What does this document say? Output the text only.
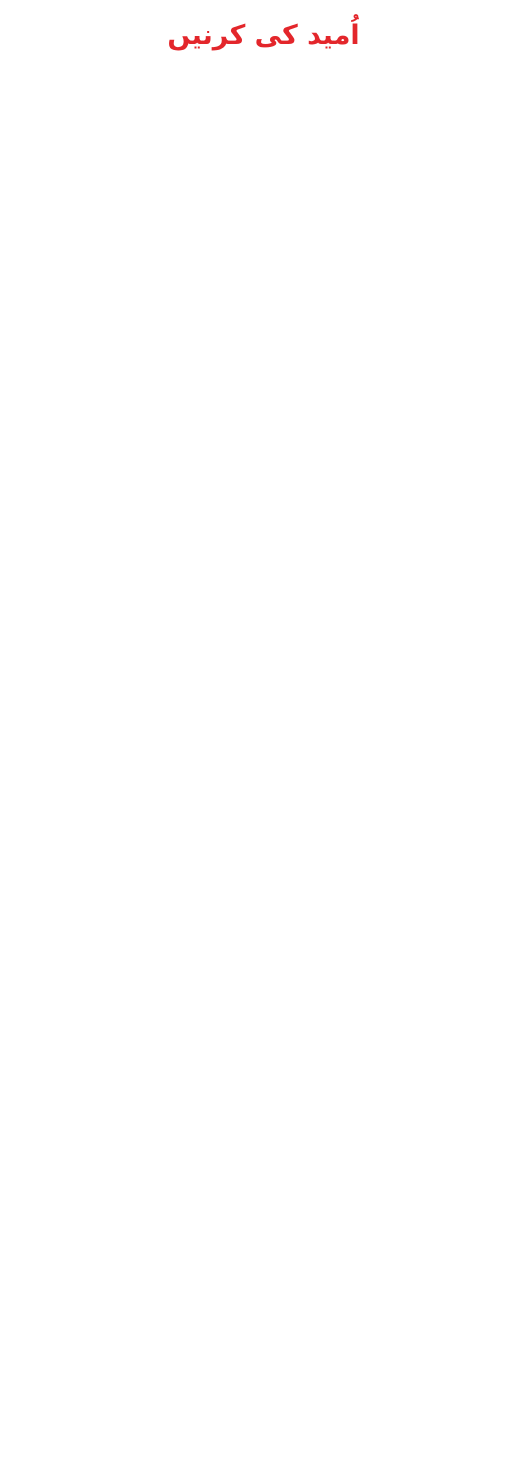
اُمید کی کرنیں
